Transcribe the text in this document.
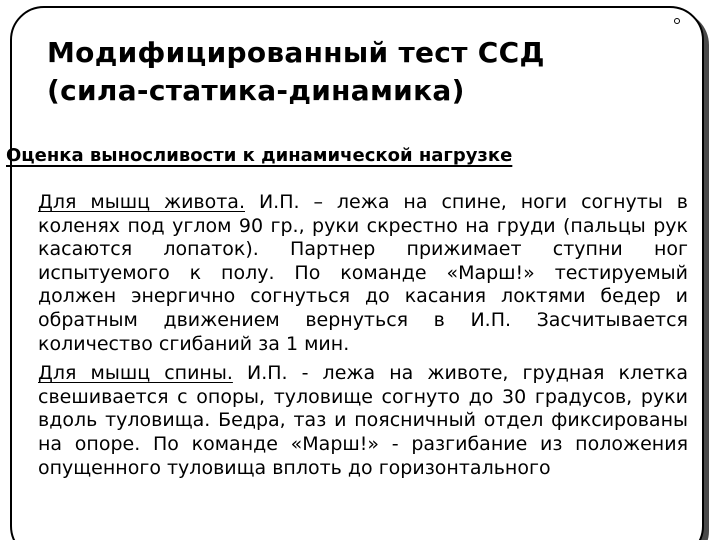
Модифицированный тест ССД
(сила-статика-динамика)
Оценка выносливости к динамической нагрузке

Для мышц живота. И.П. – лежа на спине, ноги согнуты в коленях под углом 90 гр., руки скрестно на груди (пальцы рук касаются лопаток). Партнер прижимает ступни ног испытуемого к полу. По команде «Марш!» тестируемый должен энергично согнуться до касания локтями бедер и обратным движением вернуться в И.П. Засчитывается количество сгибаний за 1 мин.

Для мышц спины. И.П. - лежа на животе, грудная клетка свешивается с опоры, туловище согнуто до 30 градусов, руки вдоль туловища. Бедра, таз и поясничный отдел фиксированы на опоре. По команде «Марш!» - разгибание из положения опущенного туловища вплоть до горизонтального
